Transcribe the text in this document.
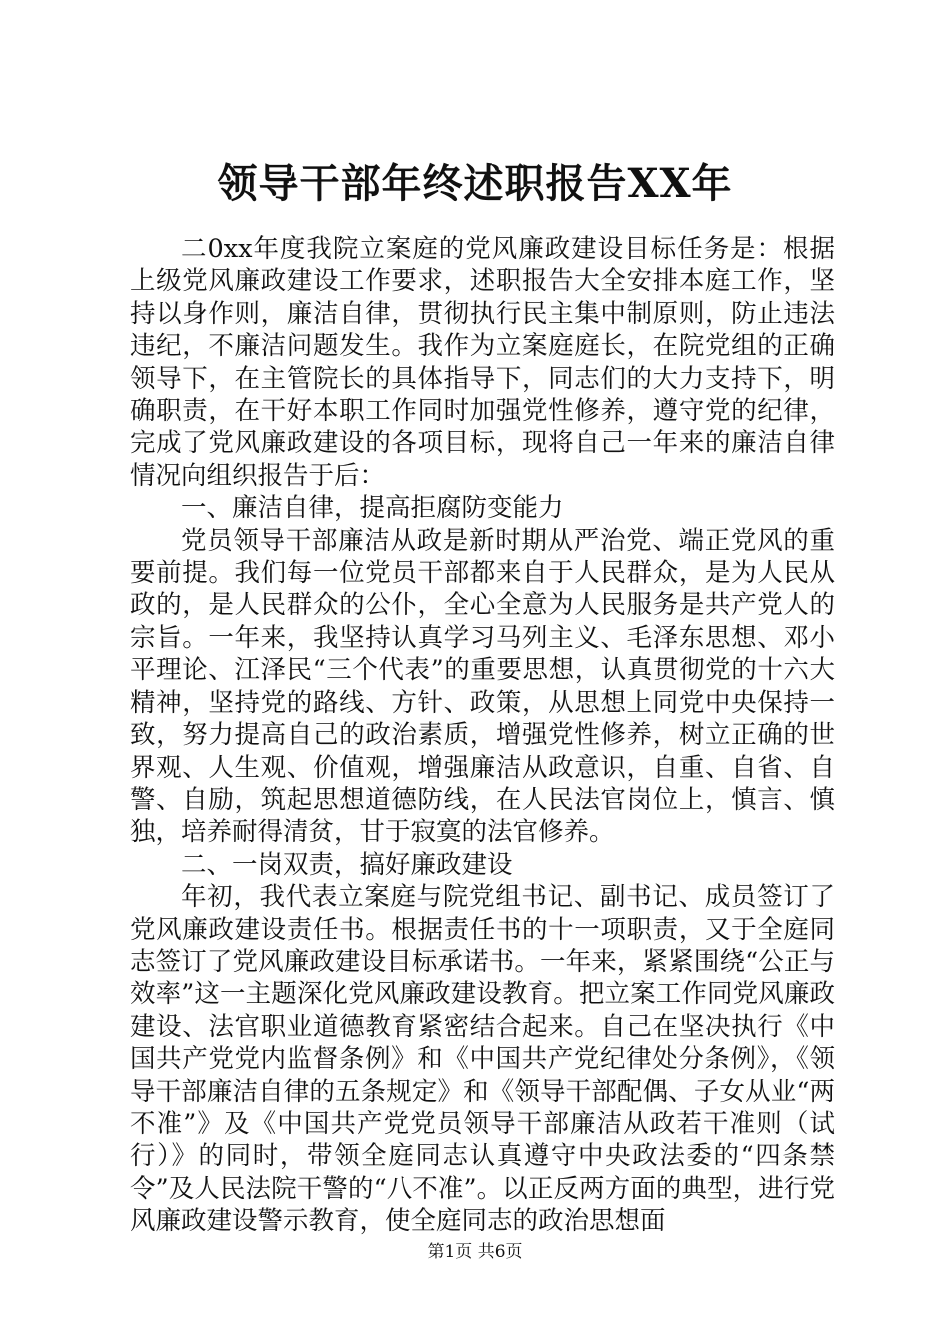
领导干部年终述职报告XX年

二0xx年度我院立案庭的党风廉政建设目标任务是：根据上级党风廉政建设工作要求，述职报告大全安排本庭工作，坚持以身作则，廉洁自律，贯彻执行民主集中制原则，防止违法违纪，不廉洁问题发生。我作为立案庭庭长，在院党组的正确领导下，在主管院长的具体指导下，同志们的大力支持下，明确职责，在干好本职工作同时加强党性修养，遵守党的纪律，完成了党风廉政建设的各项目标，现将自己一年来的廉洁自律情况向组织报告于后：

一、廉洁自律，提高拒腐防变能力

党员领导干部廉洁从政是新时期从严治党、端正党风的重要前提。我们每一位党员干部都来自于人民群众，是为人民从政的，是人民群众的公仆，全心全意为人民服务是共产党人的宗旨。一年来，我坚持认真学习马列主义、毛泽东思想、邓小平理论、江泽民“三个代表”的重要思想，认真贯彻党的十六大精神，坚持党的路线、方针、政策，从思想上同党中央保持一致，努力提高自己的政治素质，增强党性修养，树立正确的世界观、人生观、价值观，增强廉洁从政意识，自重、自省、自警、自励，筑起思想道德防线，在人民法官岗位上，慎言、慎独，培养耐得清贫，甘于寂寞的法官修养。

二、一岗双责，搞好廉政建设

年初，我代表立案庭与院党组书记、副书记、成员签订了党风廉政建设责任书。根据责任书的十一项职责，又于全庭同志签订了党风廉政建设目标承诺书。一年来，紧紧围绕“公正与效率”这一主题深化党风廉政建设教育。把立案工作同党风廉政建设、法官职业道德教育紧密结合起来。自己在坚决执行《中国共产党党内监督条例》和《中国共产党纪律处分条例》，《领导干部廉洁自律的五条规定》和《领导干部配偶、子女从业“两不准”》及《中国共产党党员领导干部廉洁从政若干准则（试行）》的同时，带领全庭同志认真遵守中央政法委的“四条禁令”及人民法院干警的“八不准”。以正反两方面的典型，进行党风廉政建设警示教育，使全庭同志的政治思想面

第1页 共6页
